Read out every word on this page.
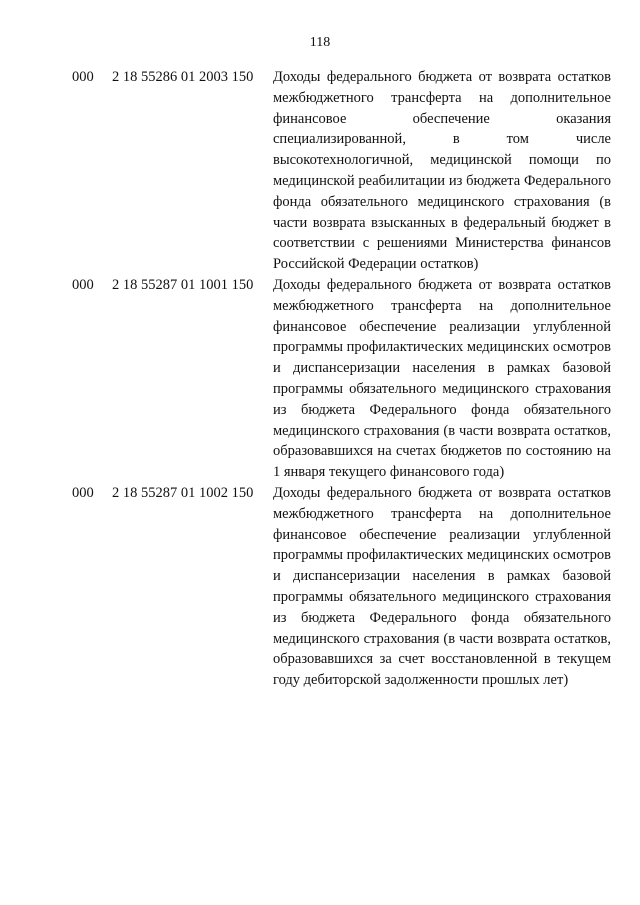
118
000 2 18 55286 01 2003 150 Доходы федерального бюджета от возврата остатков межбюджетного трансферта на дополнительное финансовое обеспечение оказания специализированной, в том числе высокотехнологичной, медицинской помощи по медицинской реабилитации из бюджета Федерального фонда обязательного медицинского страхования (в части возврата взысканных в федеральный бюджет в соответствии с решениями Министерства финансов Российской Федерации остатков)
000 2 18 55287 01 1001 150 Доходы федерального бюджета от возврата остатков межбюджетного трансферта на дополнительное финансовое обеспечение реализации углубленной программы профилактических медицинских осмотров и диспансеризации населения в рамках базовой программы обязательного медицинского страхования из бюджета Федерального фонда обязательного медицинского страхования (в части возврата остатков, образовавшихся на счетах бюджетов по состоянию на 1 января текущего финансового года)
000 2 18 55287 01 1002 150 Доходы федерального бюджета от возврата остатков межбюджетного трансферта на дополнительное финансовое обеспечение реализации углубленной программы профилактических медицинских осмотров и диспансеризации населения в рамках базовой программы обязательного медицинского страхования из бюджета Федерального фонда обязательного медицинского страхования (в части возврата остатков, образовавшихся за счет восстановленной в текущем году дебиторской задолженности прошлых лет)
